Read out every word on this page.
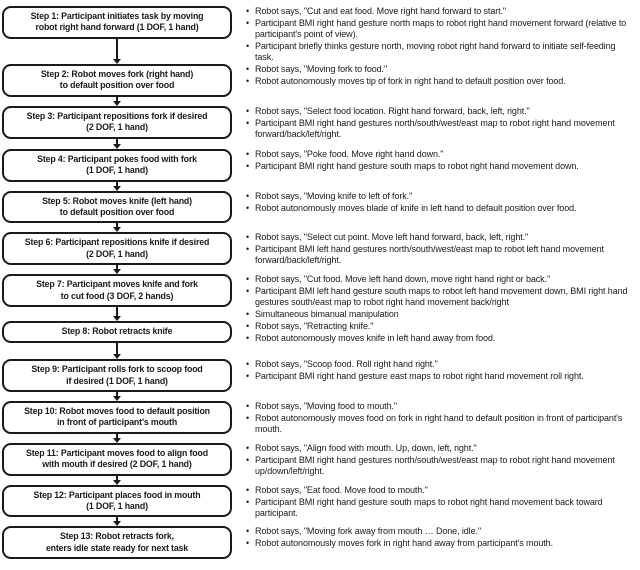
Step 1: Participant initiates task by moving
robot right hand forward (1 DOF, 1 hand)
• Robot says, "Cut and eat food. Move right hand forward to start."
• Participant BMI right hand gesture north maps to robot right hand movement forward (relative to participant's point of view).
• Participant briefly thinks gesture north, moving robot right hand forward to initiate self-feeding task.
Step 2: Robot moves fork (right hand)
to default position over food
• Robot says, "Moving fork to food."
• Robot autonomously moves tip of fork in right hand to default position over food.
Step 3: Participant repositions fork if desired
(2 DOF, 1 hand)
• Robot says, "Select food location. Right hand forward, back, left, right."
• Participant BMI right hand gestures north/south/west/east map to robot right hand movement forward/back/left/right.
Step 4: Participant pokes food with fork
(1 DOF, 1 hand)
• Robot says, "Poke food. Move right hand down."
• Participant BMI right hand gesture south maps to robot right hand movement down.
Step 5: Robot moves knife (left hand)
to default position over food
• Robot says, "Moving knife to left of fork."
• Robot autonomously moves blade of knife in left hand to default position over food.
Step 6: Participant repositions knife if desired
(2 DOF, 1 hand)
• Robot says, "Select cut point. Move left hand forward, back, left, right."
• Participant BMI left hand gestures north/south/west/east map to robot left hand movement forward/back/left/right.
Step 7: Participant moves knife and fork
to cut food (3 DOF, 2 hands)
• Robot says, "Cut food. Move left hand down, move right hand right or back."
• Participant BMI left hand gesture south maps to robot left hand movement down, BMI right hand gestures south/east map to robot right hand movement back/right
• Simultaneous bimanual manipulation
Step 8: Robot retracts knife
• Robot says, "Retracting knife."
• Robot autonomously moves knife in left hand away from food.
Step 9: Participant rolls fork to scoop food
if desired (1 DOF, 1 hand)
• Robot says, "Scoop food. Roll right hand right."
• Participant BMI right hand gesture east maps to robot right hand movement roll right.
Step 10: Robot moves food to default position
in front of participant's mouth
• Robot says, "Moving food to mouth."
• Robot autonomously moves food on fork in right hand to default position in front of participant's mouth.
Step 11: Participant moves food to align food
with mouth if desired (2 DOF, 1 hand)
• Robot says, "Align food with mouth. Up, down, left, right."
• Participant BMI right hand gestures north/south/west/east map to robot right hand movement up/down/left/right.
Step 12: Participant places food in mouth
(1 DOF, 1 hand)
• Robot says, "Eat food. Move food to mouth."
• Participant BMI right hand gesture south maps to robot right hand movement back toward participant.
Step 13: Robot retracts fork,
enters idle state ready for next task
• Robot says, "Moving fork away from mouth … Done, idle."
• Robot autonomously moves fork in right hand away from participant's mouth.
